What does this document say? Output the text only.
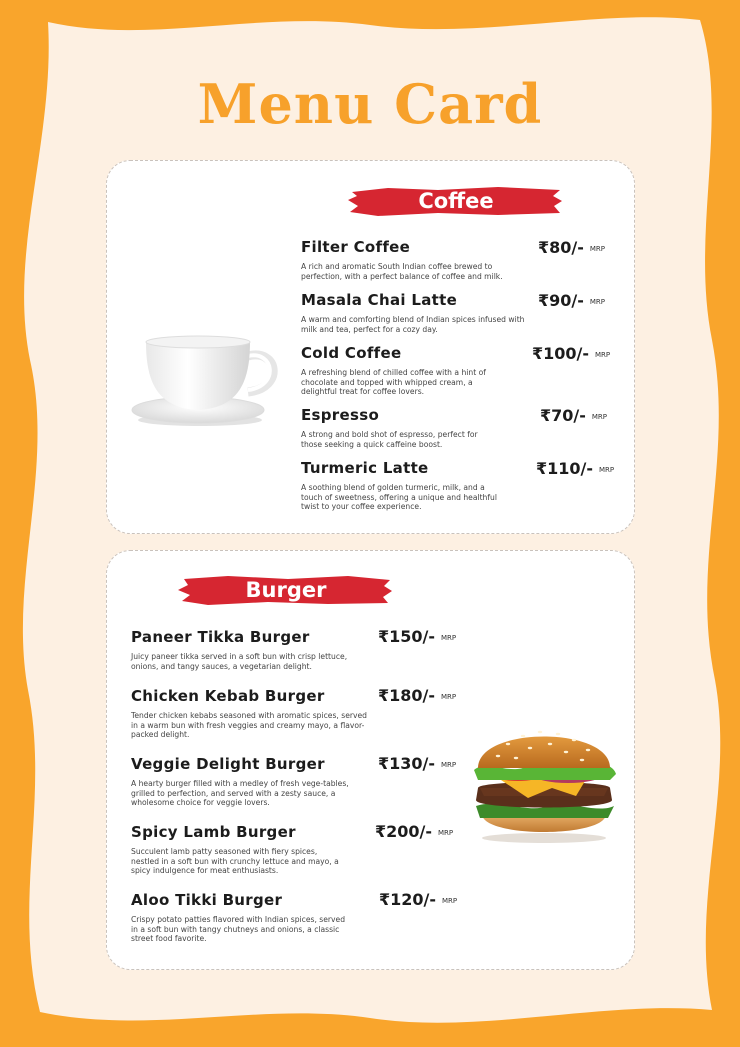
Menu Card
Coffee
Filter Coffee
A rich and aromatic South Indian coffee brewed to perfection, with a perfect balance of coffee and milk.
₹80/- MRP
Masala Chai Latte
A warm and comforting blend of Indian spices infused with milk and tea, perfect for a cozy day.
₹90/- MRP
Cold Coffee
A refreshing blend of chilled coffee with a hint of chocolate and topped with whipped cream, a delightful treat for coffee lovers.
₹100/- MRP
Espresso
A strong and bold shot of espresso, perfect for those seeking a quick caffeine boost.
₹70/- MRP
Turmeric Latte
A soothing blend of golden turmeric, milk, and a touch of sweetness, offering a unique and healthful twist to your coffee experience.
₹110/- MRP
Burger
Paneer Tikka Burger
Juicy paneer tikka served in a soft bun with crisp lettuce, onions, and tangy sauces, a vegetarian delight.
₹150/- MRP
Chicken Kebab Burger
Tender chicken kebabs seasoned with aromatic spices, served in a warm bun with fresh veggies and creamy mayo, a flavor-packed delight.
₹180/- MRP
Veggie Delight Burger
A hearty burger filled with a medley of fresh vege-tables, grilled to perfection, and served with a zesty sauce, a wholesome choice for veggie lovers.
₹130/- MRP
Spicy Lamb Burger
Succulent lamb patty seasoned with fiery spices, nestled in a soft bun with crunchy lettuce and mayo, a spicy indulgence for meat enthusiasts.
₹200/- MRP
Aloo Tikki Burger
Crispy potato patties flavored with Indian spices, served in a soft bun with tangy chutneys and onions, a classic street food favorite.
₹120/- MRP
